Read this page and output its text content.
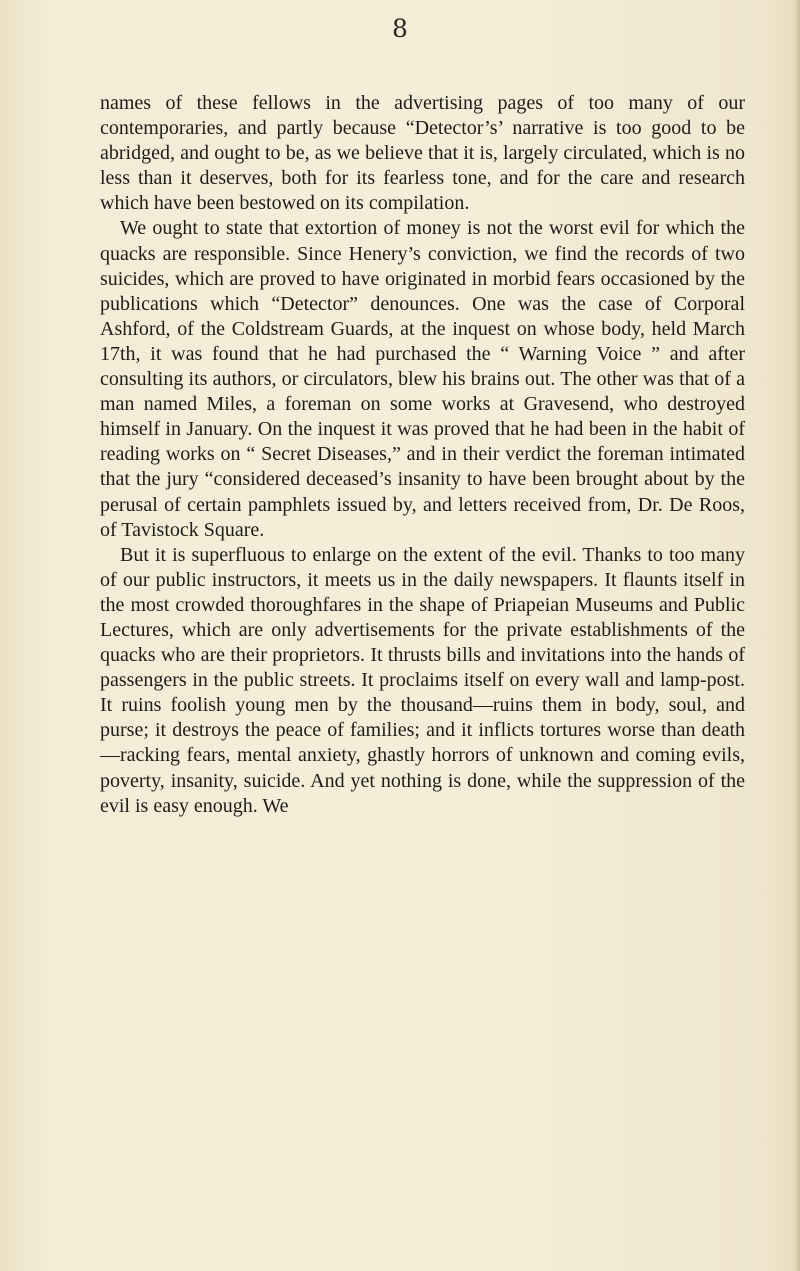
8

names of these fellows in the advertising pages of too many of our contemporaries, and partly because “Detector’s’ narrative is too good to be abridged, and ought to be, as we believe that it is, largely circulated, which is no less than it deserves, both for its fearless tone, and for the care and research which have been bestowed on its compilation.

We ought to state that extortion of money is not the worst evil for which the quacks are responsible. Since Henery’s conviction, we find the records of two suicides, which are proved to have originated in morbid fears occasioned by the publications which “Detector” denounces. One was the case of Corporal Ashford, of the Coldstream Guards, at the inquest on whose body, held March 17th, it was found that he had purchased the “ Warning Voice ” and after consulting its authors, or circulators, blew his brains out. The other was that of a man named Miles, a foreman on some works at Gravesend, who destroyed himself in January. On the inquest it was proved that he had been in the habit of reading works on “ Secret Diseases,” and in their verdict the foreman intimated that the jury “considered deceased’s insanity to have been brought about by the perusal of certain pamphlets issued by, and letters received from, Dr. De Roos, of Tavistock Square.

But it is superfluous to enlarge on the extent of the evil. Thanks to too many of our public instructors, it meets us in the daily newspapers. It flaunts itself in the most crowded thoroughfares in the shape of Priapeian Museums and Public Lectures, which are only advertisements for the private establishments of the quacks who are their proprietors. It thrusts bills and invitations into the hands of passengers in the public streets. It proclaims itself on every wall and lamp-post. It ruins foolish young men by the thousand—ruins them in body, soul, and purse; it destroys the peace of families; and it inflicts tortures worse than death—racking fears, mental anxiety, ghastly horrors of unknown and coming evils, poverty, insanity, suicide. And yet nothing is done, while the suppression of the evil is easy enough. We
